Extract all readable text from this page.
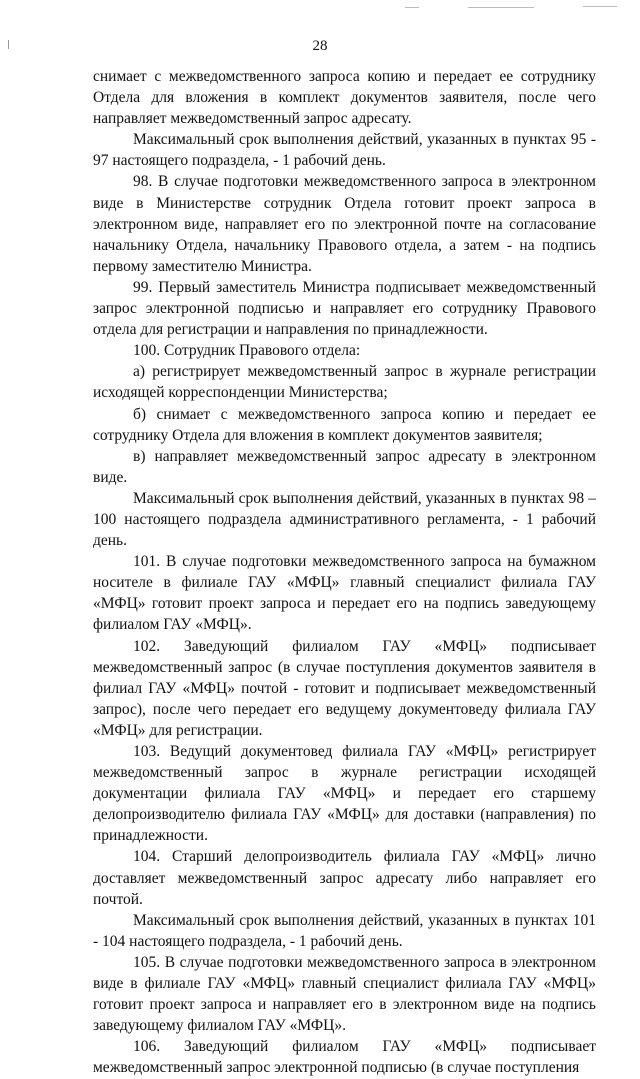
28

снимает с межведомственного запроса копию и передает ее сотруднику Отдела для вложения в комплект документов заявителя, после чего направляет межведомственный запрос адресату.

Максимальный срок выполнения действий, указанных в пунктах 95 - 97 настоящего подраздела, - 1 рабочий день.

98. В случае подготовки межведомственного запроса в электронном виде в Министерстве сотрудник Отдела готовит проект запроса в электронном виде, направляет его по электронной почте на согласование начальнику Отдела, начальнику Правового отдела, а затем - на подпись первому заместителю Министра.

99. Первый заместитель Министра подписывает межведомственный запрос электронной подписью и направляет его сотруднику Правового отдела для регистрации и направления по принадлежности.

100. Сотрудник Правового отдела:

а) регистрирует межведомственный запрос в журнале регистрации исходящей корреспонденции Министерства;

б) снимает с межведомственного запроса копию и передает ее сотруднику Отдела для вложения в комплект документов заявителя;

в) направляет межведомственный запрос адресату в электронном виде.

Максимальный срок выполнения действий, указанных в пунктах 98 – 100 настоящего подраздела административного регламента, - 1 рабочий день.

101. В случае подготовки межведомственного запроса на бумажном носителе в филиале ГАУ «МФЦ» главный специалист филиала ГАУ «МФЦ» готовит проект запроса и передает его на подпись заведующему филиалом ГАУ «МФЦ».

102. Заведующий филиалом ГАУ «МФЦ» подписывает межведомственный запрос (в случае поступления документов заявителя в филиал ГАУ «МФЦ» почтой - готовит и подписывает межведомственный запрос), после чего передает его ведущему документоведу филиала ГАУ «МФЦ» для регистрации.

103. Ведущий документовед филиала ГАУ «МФЦ» регистрирует межведомственный запрос в журнале регистрации исходящей документации филиала ГАУ «МФЦ» и передает его старшему делопроизводителю филиала ГАУ «МФЦ» для доставки (направления) по принадлежности.

104. Старший делопроизводитель филиала ГАУ «МФЦ» лично доставляет межведомственный запрос адресату либо направляет его почтой.

Максимальный срок выполнения действий, указанных в пунктах 101 - 104 настоящего подраздела, - 1 рабочий день.

105. В случае подготовки межведомственного запроса в электронном виде в филиале ГАУ «МФЦ» главный специалист филиала ГАУ «МФЦ» готовит проект запроса и направляет его в электронном виде на подпись заведующему филиалом ГАУ «МФЦ».

106. Заведующий филиалом ГАУ «МФЦ» подписывает межведомственный запрос электронной подписью (в случае поступления
